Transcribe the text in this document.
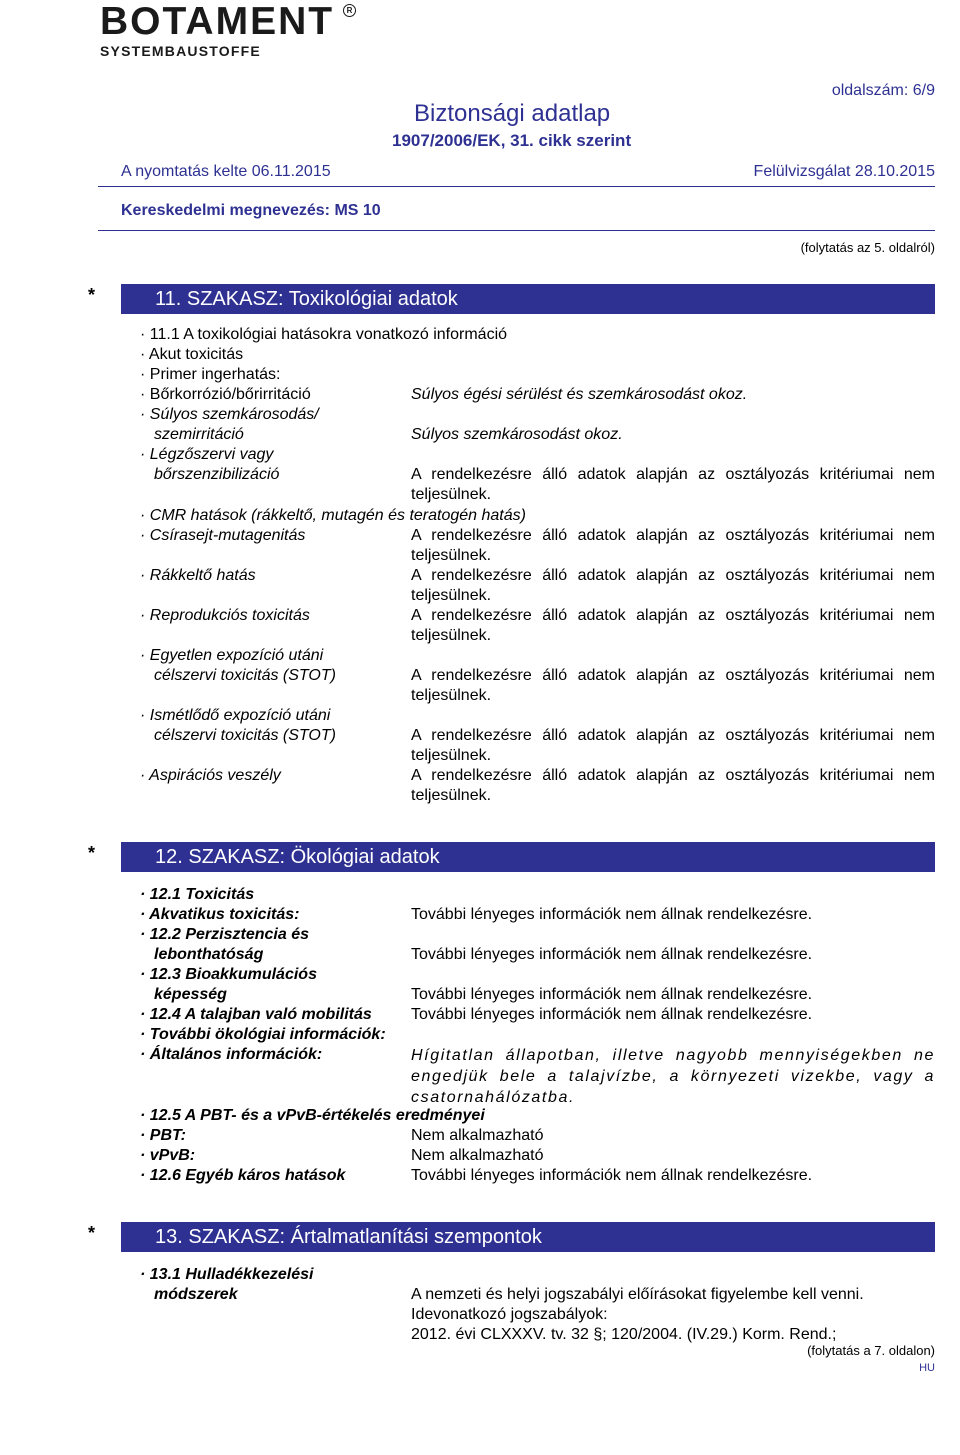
BOTAMENT	R
SYSTEMBAUSTOFFE
oldalszám: 6/9
Biztonsági adatlap
1907/2006/EK, 31. cikk szerint
A nyomtatás kelte 06.11.2015	Felülvizsgálat 28.10.2015
Kereskedelmi megnevezés: MS 10
(folytatás az 5. oldalról)
*	11. SZAKASZ: Toxikológiai adatok
· 11.1 A toxikológiai hatásokra vonatkozó információ
· Akut toxicitás
· Primer ingerhatás:
· Bőrkorrózió/bőrirritáció	Súlyos égési sérülést és szemkárosodást okoz.
· Súlyos szemkárosodás/
szemirritáció	Súlyos szemkárosodást okoz.
· Légzőszervi vagy
bőrszenzibilizáció	A rendelkezésre álló adatok alapján az osztályozás kritériumai nem teljesülnek.
· CMR hatások (rákkeltő, mutagén és teratogén hatás)
· Csírasejt-mutagenitás	A rendelkezésre álló adatok alapján az osztályozás kritériumai nem teljesülnek.
· Rákkeltő hatás	A rendelkezésre álló adatok alapján az osztályozás kritériumai nem teljesülnek.
· Reprodukciós toxicitás	A rendelkezésre álló adatok alapján az osztályozás kritériumai nem teljesülnek.
· Egyetlen expozíció utáni
célszervi toxicitás (STOT)	A rendelkezésre álló adatok alapján az osztályozás kritériumai nem teljesülnek.
· Ismétlődő expozíció utáni
célszervi toxicitás (STOT)	A rendelkezésre álló adatok alapján az osztályozás kritériumai nem teljesülnek.
· Aspirációs veszély	A rendelkezésre álló adatok alapján az osztályozás kritériumai nem teljesülnek.
*	12. SZAKASZ: Ökológiai adatok
· 12.1 Toxicitás
· Akvatikus toxicitás:	További lényeges információk nem állnak rendelkezésre.
· 12.2 Perzisztencia és
lebonthatóság	További lényeges információk nem állnak rendelkezésre.
· 12.3 Bioakkumulációs
képesség	További lényeges információk nem állnak rendelkezésre.
· 12.4 A talajban való mobilitás További lényeges információk nem állnak rendelkezésre.
· További ökológiai információk:
· Általános információk:	Hígitatlan állapotban, illetve nagyobb mennyiségekben ne engedjük bele a talajvízbe, a környezeti vizekbe, vagy a csatornahálózatba.
· 12.5 A PBT- és a vPvB-értékelés eredményei
· PBT:	Nem alkalmazható
· vPvB:	Nem alkalmazható
· 12.6 Egyéb káros hatások	További lényeges információk nem állnak rendelkezésre.
*	13. SZAKASZ: Ártalmatlanítási szempontok
· 13.1 Hulladékkezelési
módszerek	A nemzeti és helyi jogszabályi előírásokat figyelembe kell venni.
Idevonatkozó jogszabályok:
2012. évi CLXXXV. tv. 32 §; 120/2004. (IV.29.) Korm. Rend.;
(folytatás a 7. oldalon)
HU
